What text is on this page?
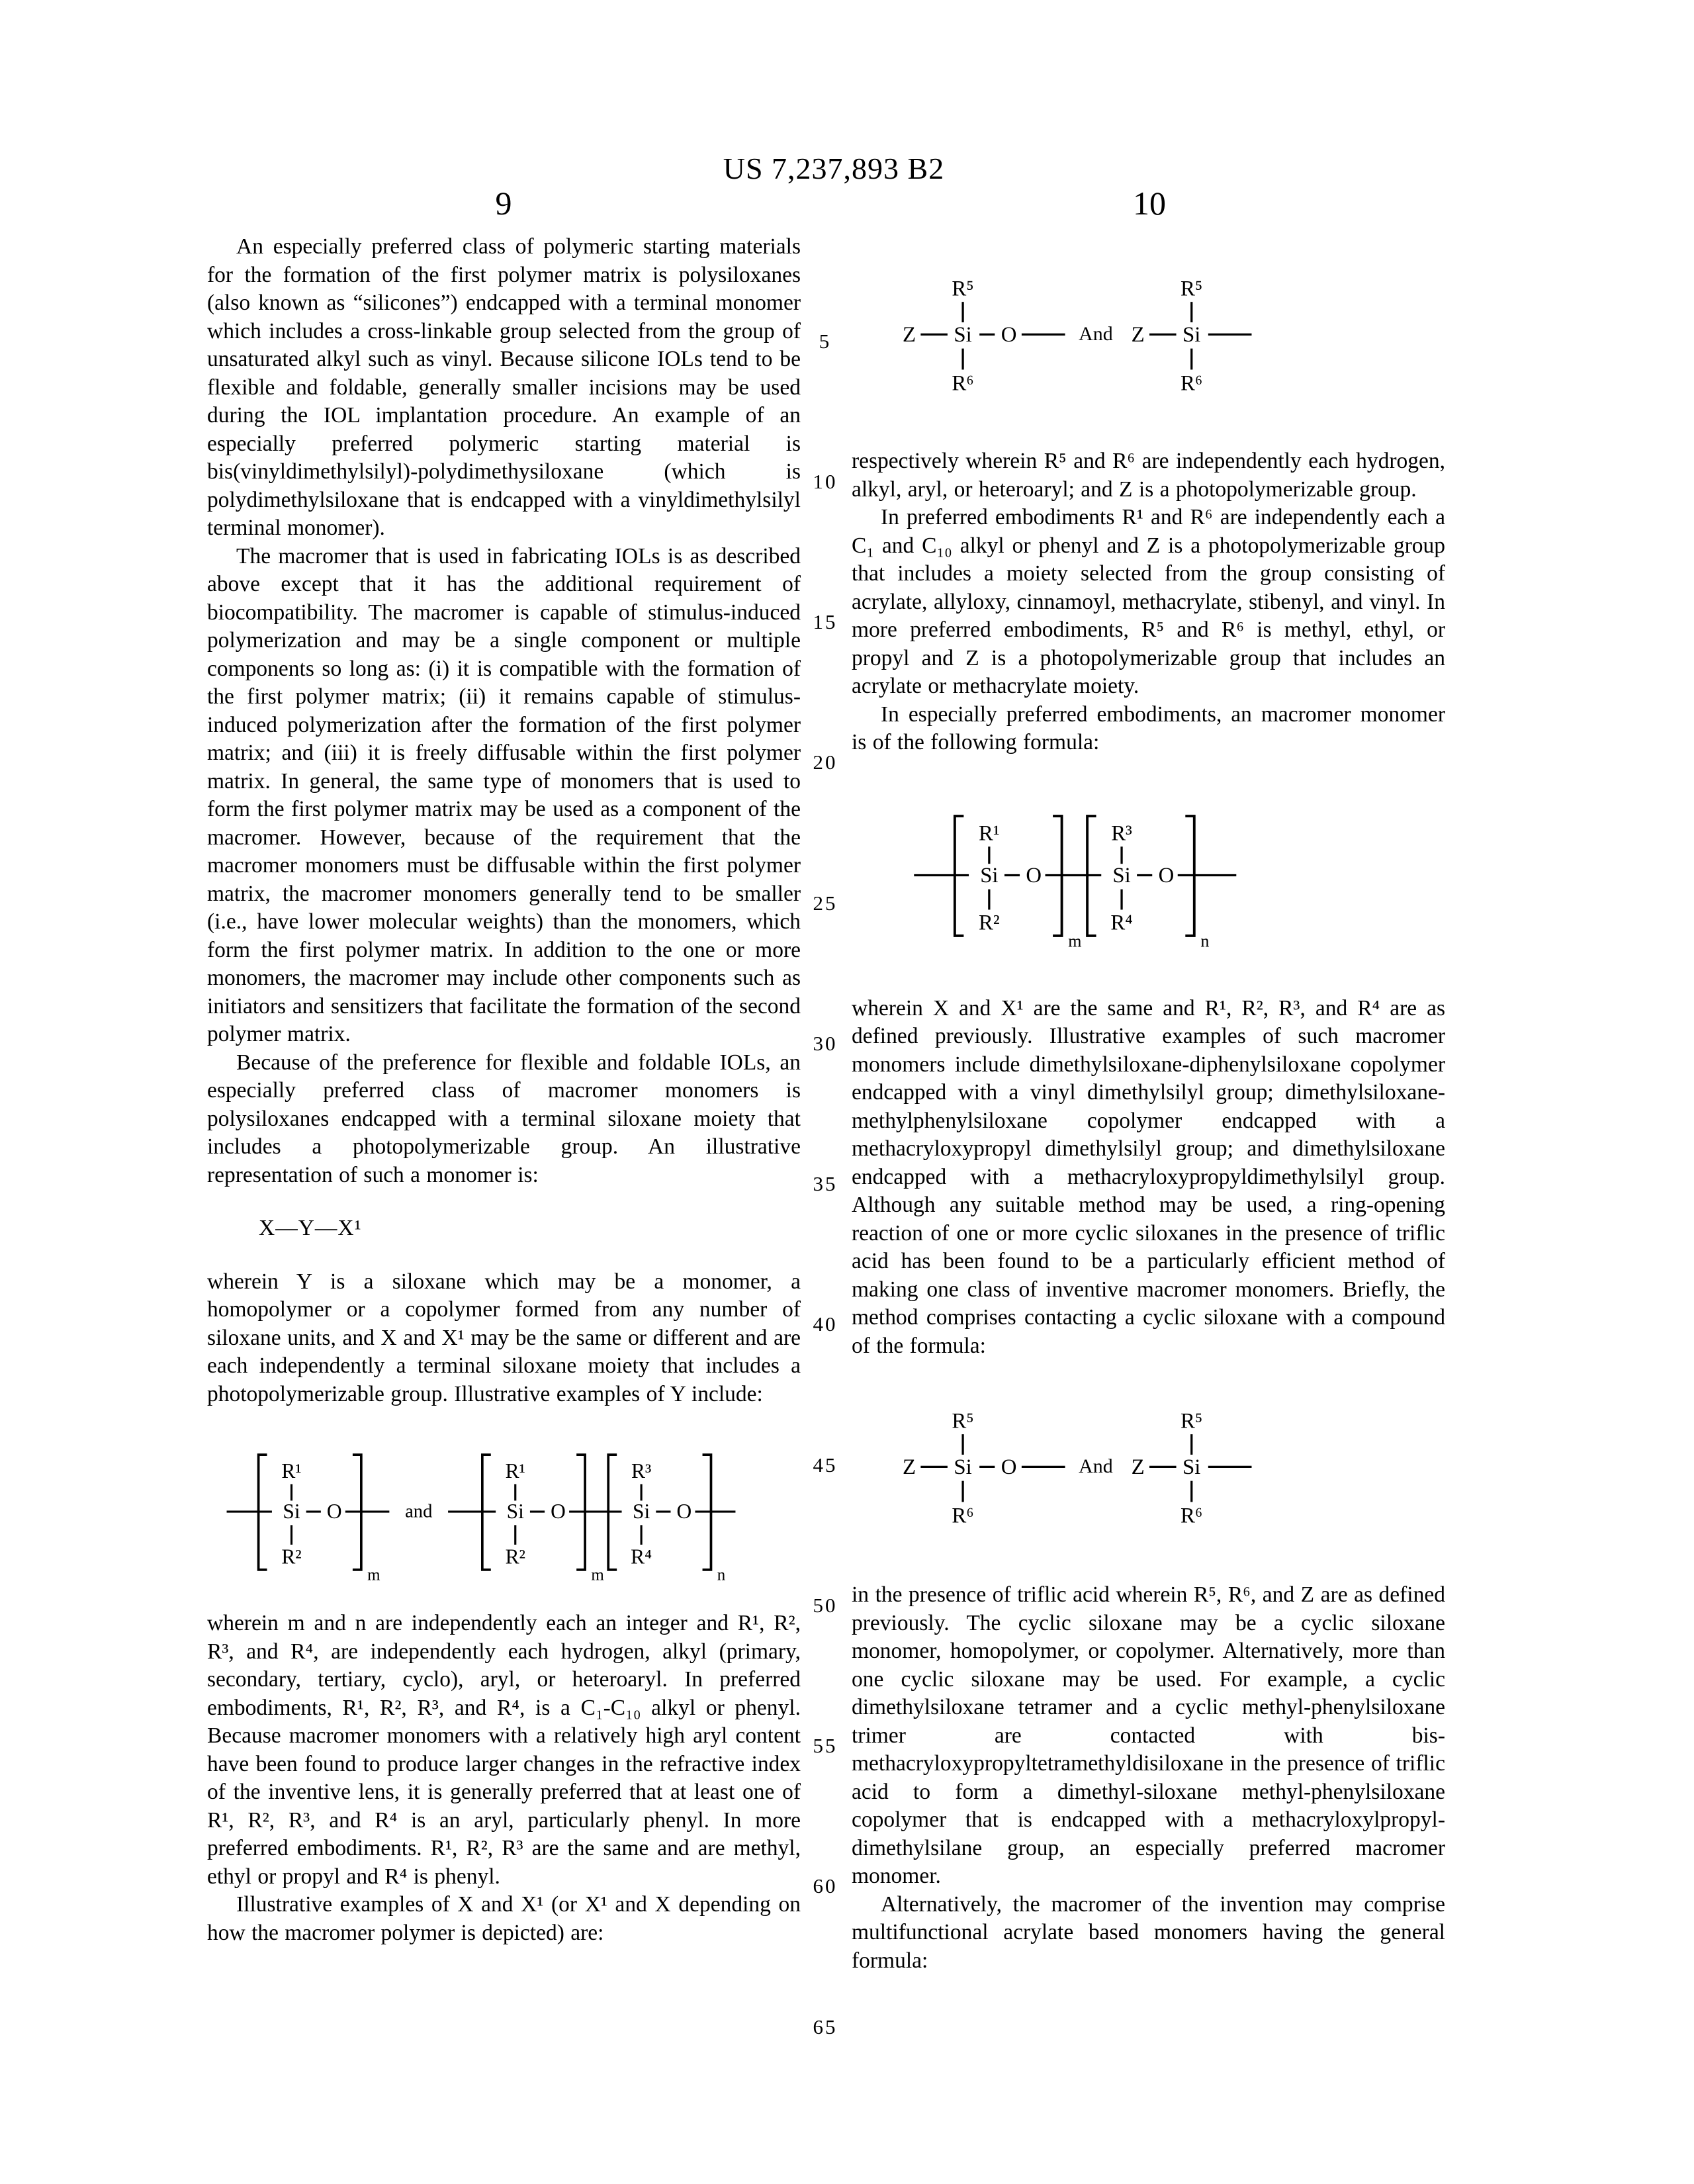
US 7,237,893 B2
9	10
5
10
15
20
25
30
35
40
45
50
55
60
65

An especially preferred class of polymeric starting materials for the formation of the first polymer matrix is polysiloxanes (also known as “silicones”) endcapped with a terminal monomer which includes a cross-linkable group selected from the group of unsaturated alkyl such as vinyl. Because silicone IOLs tend to be flexible and foldable, generally smaller incisions may be used during the IOL implantation procedure. An example of an especially preferred polymeric starting material is bis(vinyldimethylsilyl)-polydimethysiloxane (which is polydimethylsiloxane that is endcapped with a vinyldimethylsilyl terminal monomer).

The macromer that is used in fabricating IOLs is as described above except that it has the additional requirement of biocompatibility. The macromer is capable of stimulus-induced polymerization and may be a single component or multiple components so long as: (i) it is compatible with the formation of the first polymer matrix; (ii) it remains capable of stimulus-induced polymerization after the formation of the first polymer matrix; and (iii) it is freely diffusable within the first polymer matrix. In general, the same type of monomers that is used to form the first polymer matrix may be used as a component of the macromer. However, because of the requirement that the macromer monomers must be diffusable within the first polymer matrix, the macromer monomers generally tend to be smaller (i.e., have lower molecular weights) than the monomers, which form the first polymer matrix. In addition to the one or more monomers, the macromer may include other components such as initiators and sensitizers that facilitate the formation of the second polymer matrix.

Because of the preference for flexible and foldable IOLs, an especially preferred class of macromer monomers is polysiloxanes endcapped with a terminal siloxane moiety that includes a photopolymerizable group. An illustrative representation of such a monomer is:

X—Y—X¹

wherein Y is a siloxane which may be a monomer, a homopolymer or a copolymer formed from any number of siloxane units, and X and X¹ may be the same or different and are each independently a terminal siloxane moiety that includes a photopolymerizable group. Illustrative examples of Y include:

R¹
Si
R²
O
m
and
R¹
Si
R²
O
m
R³
Si
R⁴
O
n

wherein m and n are independently each an integer and R¹, R², R³, and R⁴, are independently each hydrogen, alkyl (primary, secondary, tertiary, cyclo), aryl, or heteroaryl. In preferred embodiments, R¹, R², R³, and R⁴, is a C₁-C₁₀ alkyl or phenyl. Because macromer monomers with a relatively high aryl content have been found to produce larger changes in the refractive index of the inventive lens, it is generally preferred that at least one of R¹, R², R³, and R⁴ is an aryl, particularly phenyl. In more preferred embodiments. R¹, R², R³ are the same and are methyl, ethyl or propyl and R⁴ is phenyl.

Illustrative examples of X and X¹ (or X¹ and X depending on how the macromer polymer is depicted) are:

Z Si
R⁵
R⁶
O	And Z Si
R⁵
R⁶

respectively wherein R⁵ and R⁶ are independently each hydrogen, alkyl, aryl, or heteroaryl; and Z is a photopolymerizable group.

In preferred embodiments R¹ and R⁶ are independently each a C₁ and C₁₀ alkyl or phenyl and Z is a photopolymerizable group that includes a moiety selected from the group consisting of acrylate, allyloxy, cinnamoyl, methacrylate, stibenyl, and vinyl. In more preferred embodiments, R⁵ and R⁶ is methyl, ethyl, or propyl and Z is a photopolymerizable group that includes an acrylate or methacrylate moiety.

In especially preferred embodiments, an macromer monomer is of the following formula:

R¹
Si
R²
O
m
R³
Si
R⁴
O
n

wherein X and X¹ are the same and R¹, R², R³, and R⁴ are as defined previously. Illustrative examples of such macromer monomers include dimethylsiloxane-diphenylsiloxane copolymer endcapped with a vinyl dimethylsilyl group; dimethylsiloxane-methylphenylsiloxane copolymer endcapped with a methacryloxypropyl dimethylsilyl group; and dimethylsiloxane endcapped with a methacryloxypropyldimethylsilyl group. Although any suitable method may be used, a ring-opening reaction of one or more cyclic siloxanes in the presence of triflic acid has been found to be a particularly efficient method of making one class of inventive macromer monomers. Briefly, the method comprises contacting a cyclic siloxane with a compound of the formula:

Z Si
R⁵
R⁶
O	And Z Si
R⁵
R⁶

in the presence of triflic acid wherein R⁵, R⁶, and Z are as defined previously. The cyclic siloxane may be a cyclic siloxane monomer, homopolymer, or copolymer. Alternatively, more than one cyclic siloxane may be used. For example, a cyclic dimethylsiloxane tetramer and a cyclic methyl-phenylsiloxane trimer are contacted with bis-methacryloxypropyltetramethyldisiloxane in the presence of triflic acid to form a dimethyl-siloxane methyl-phenylsiloxane copolymer that is endcapped with a methacryloxylpropyl-dimethylsilane group, an especially preferred macromer monomer.

Alternatively, the macromer of the invention may comprise multifunctional acrylate based monomers having the general formula:
